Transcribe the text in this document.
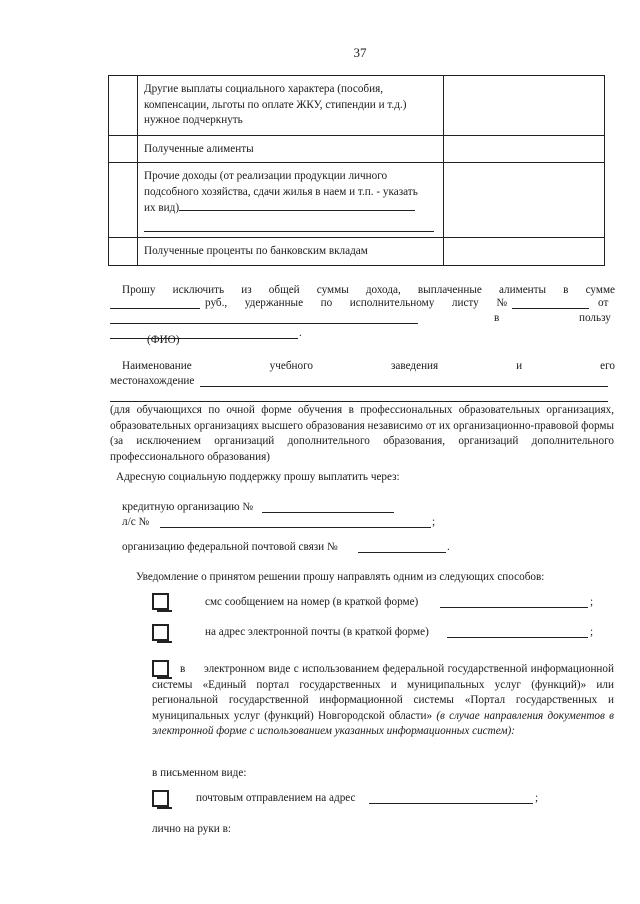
37

	Другие выплаты социального характера (пособия,
компенсации, льготы по оплате ЖКУ, стипендии и т.д.)
нужное подчеркнуть	

	Полученные алименты	

	Прочие доходы (от реализации продукции личного
подсобного хозяйства, сдачи жилья в наем и т.п. - указать
их вид)	

	Полученные проценты по банковским вкладам	

Прошу исключить из общей суммы дохода, выплаченные алименты в сумме
руб., удержанные по исполнительному листу №	от
в	пользу
.
(ФИО)
Наименование учебного заведения и его
местонахождение
(для обучающихся по очной форме обучения в профессиональных образовательных организациях, образовательных организациях высшего образования независимо от их организационно-правовой формы (за исключением организаций дополнительного образования, организаций дополнительного профессионального образования)
Адресную социальную поддержку прошу выплатить через:
кредитную организацию №
л/с №	;
организацию федеральной почтовой связи №	.
Уведомление о принятом решении прошу направлять одним из следующих способов:
смс сообщением на номер (в краткой форме)	;
на адрес электронной почты (в краткой форме)	;
в	электронном виде с использованием федеральной государственной информационной системы «Единый портал государственных и муниципальных услуг (функций)» или региональной государственной информационной системы «Портал государственных и муниципальных услуг (функций) Новгородской области» (в случае направления документов в электронной форме с использованием указанных информационных систем):
в письменном виде:
почтовым отправлением на адрес	;
лично на руки в:
